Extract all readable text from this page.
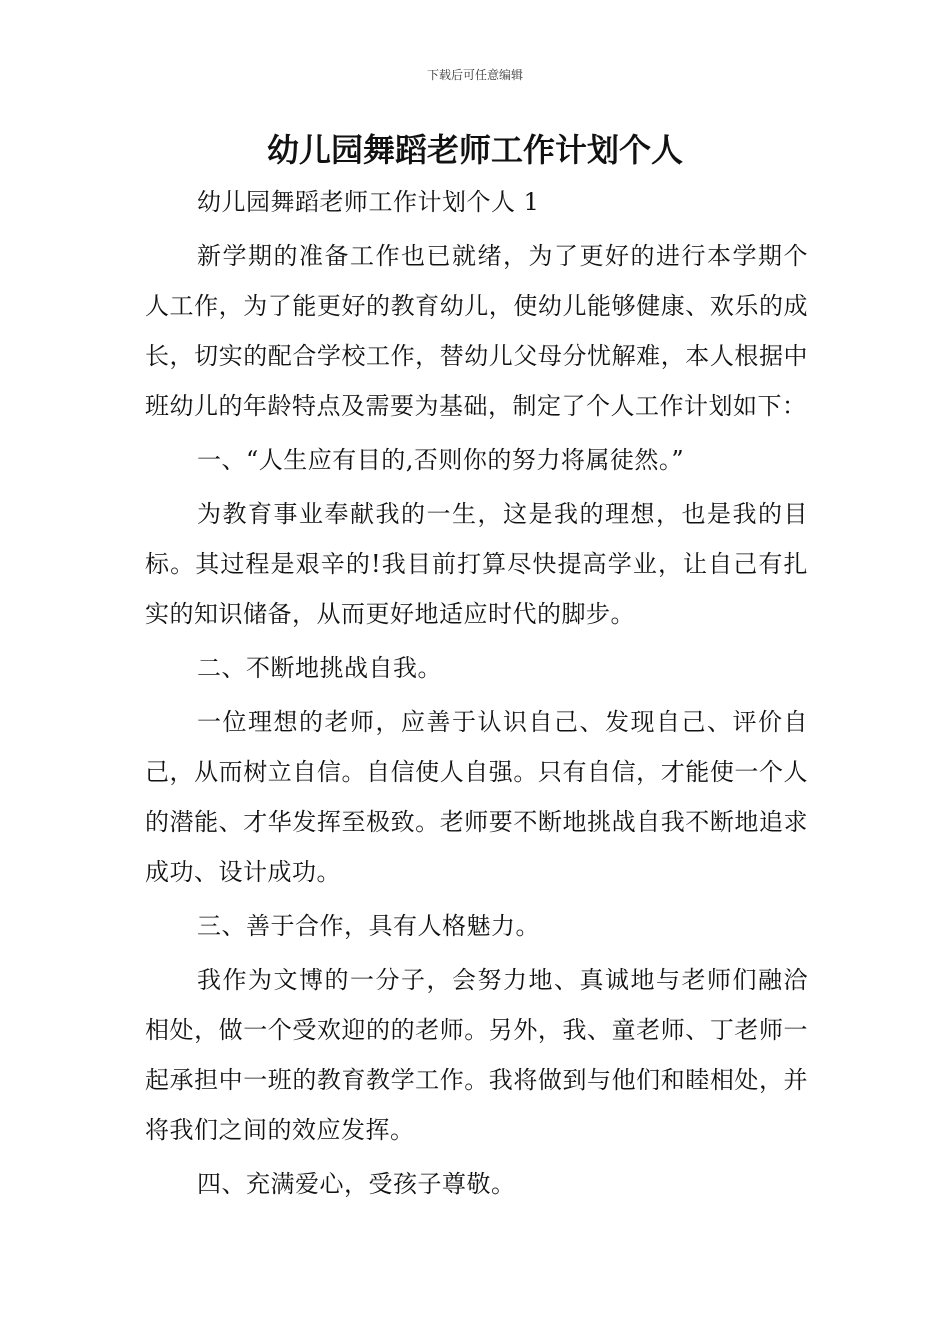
下载后可任意编辑
幼儿园舞蹈老师工作计划个人

幼儿园舞蹈老师工作计划个人 1

新学期的准备工作也已就绪，为了更好的进行本学期个人工作，为了能更好的教育幼儿，使幼儿能够健康、欢乐的成长，切实的配合学校工作，替幼儿父母分忧解难，本人根据中班幼儿的年龄特点及需要为基础，制定了个人工作计划如下：

一、“人生应有目的,否则你的努力将属徒然。”

为教育事业奉献我的一生，这是我的理想，也是我的目标。其过程是艰辛的!我目前打算尽快提高学业，让自己有扎实的知识储备，从而更好地适应时代的脚步。

二、不断地挑战自我。

一位理想的老师，应善于认识自己、发现自己、评价自己，从而树立自信。自信使人自强。只有自信，才能使一个人的潜能、才华发挥至极致。老师要不断地挑战自我不断地追求成功、设计成功。

三、善于合作，具有人格魅力。

我作为文博的一分子，会努力地、真诚地与老师们融洽相处，做一个受欢迎的的老师。另外，我、童老师、丁老师一起承担中一班的教育教学工作。我将做到与他们和睦相处，并将我们之间的效应发挥。

四、充满爱心，受孩子尊敬。
